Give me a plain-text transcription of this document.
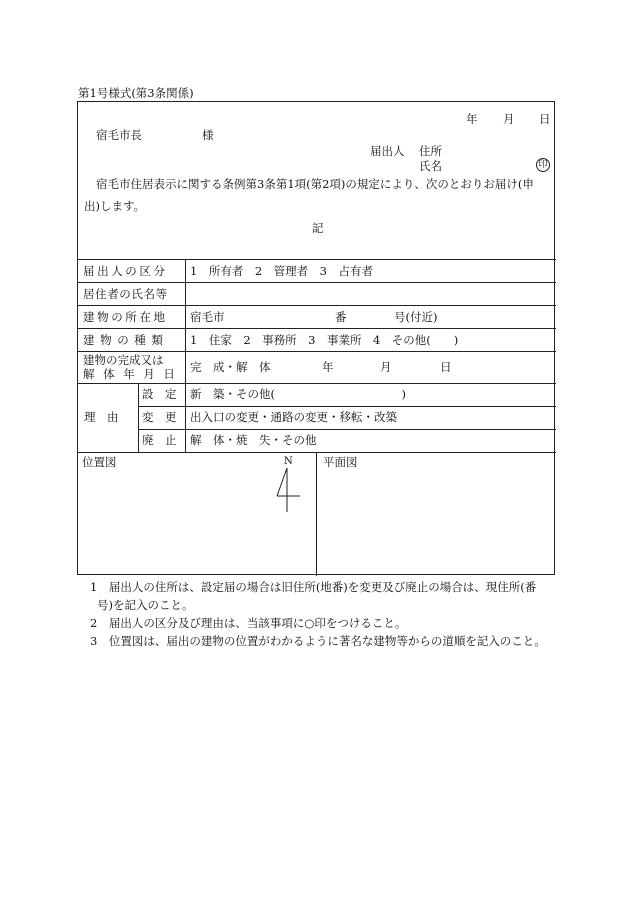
第1号様式(第3条関係)
年 月 日
宿毛市長	様
届出人 住所
氏名	印
宿毛市住居表示に関する条例第3条第1項(第2項)の規定により、次のとおりお届け(申
出)します。
記
届出人の区分 1　所有者　2　管理者　3　占有者
居住者の氏名等
建物の所在地 宿毛市	番	号(付近)
建物の種類 1　住家　2　事務所　3　事業所　4　その他(　　)
建物の完成又は
解体年月日 完　成・解　体	年	月	日
理　由
設　定 新　築・その他(　　　　　　　　　　　)
変　更 出入口の変更・通路の変更・移転・改築
廃　止 解　体・焼　失・その他
位置図	N	平面図
1　届出人の住所は、設定届の場合は旧住所(地番)を変更及び廃止の場合は、現住所(番
号)を記入のこと。
2　届出人の区分及び理由は、当該事項に○印をつけること。
3　位置図は、届出の建物の位置がわかるように著名な建物等からの道順を記入のこと。
